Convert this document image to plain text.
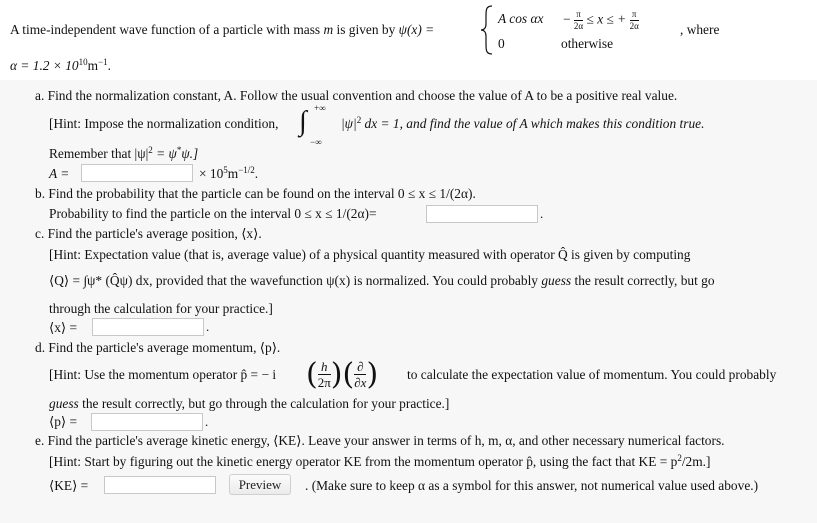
A time-independent wave function of a particle with mass m is given by ψ(x) =
A $\cos \alpha x - \frac{\pi}{2\alpha} \le x$ ≤ + $\frac{\pi}{2\alpha}$
0	otherwise
, where
$\alpha = 1.2 \times 10^{10}m^{-1}$.
a. Find the normalization constant, A. Follow the usual convention and choose the value of A to be a positive real value.
[Hint: Impose the normalization condition, ∫ +∞
−∞
$|\psi|^2$ dx = 1, and find the value of A which makes this condition true.
Remember that $|\psi|^2 = \psi^*\psi$.]
A =	× $10^5m^{-1/2}$.
b. Find the probability that the particle can be found on the interval 0 ≤ x ≤ 1/(2α).
Probability to find the particle on the interval 0 ≤ x ≤ 1/(2α)=	.
c. Find the particle's average position, ⟨x⟩.
[Hint: Expectation value (that is, average value) of a physical quantity measured with operator Q̂ is given by computing
⟨Q⟩ = ∫ψ* (Q̂ψ) dx, provided that the wavefunction ψ(x) is normalized. You could probably guess the result correctly, but go
through the calculation for your practice.]
⟨x⟩ =	.
d. Find the particle's average momentum, ⟨p⟩.
[Hint: Use the momentum operator p̂ = − i ( $\frac{h}{2\pi}$ )( $\frac{\partial}{\partial x}$ ) to calculate the expectation value of momentum. You could probably
guess the result correctly, but go through the calculation for your practice.]
⟨p⟩ =	.
e. Find the particle's average kinetic energy, ⟨KE⟩. Leave your answer in terms of h, m, α, and other necessary numerical factors.
[Hint: Start by figuring out the kinetic energy operator KE from the momentum operator p̂, using the fact that KE = $p^2/2m$.]
⟨KE⟩ =	Preview	. (Make sure to keep α as a symbol for this answer, not numerical value used above.)
